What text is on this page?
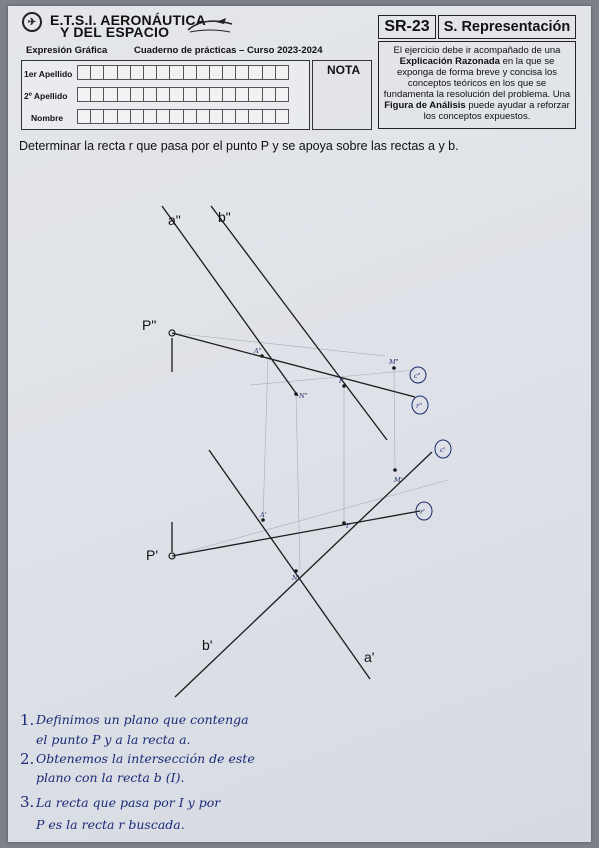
✈ E.T.S.I. AERONÁUTICA
Y DEL ESPACIO
Expresión Gráfica	Cuaderno de prácticas – Curso 2023-2024
1er Apellido
2º Apellido
Nombre
NOTA
SR-23 S. Representación
El ejercicio debe ir acompañado de una Explicación Razonada en la que se exponga de forma breve y concisa los conceptos teóricos en los que se fundamenta la resolución del problema. Una Figura de Análisis puede ayudar a reforzar los conceptos expuestos.
Determinar la recta r que pasa por el punto P y se apoya sobre las rectas a y b.
a"	b"
P"
P'
b'
a'
N"
I"
M"
c"
r"
A"
N'
I'
M'
c'
r'
A'
1. Definimos un plano que contenga
el punto P y a la recta a.
2. Obtenemos la intersección de este
plano con la recta b (I).
3. La recta que pasa por I y por
P es la recta r buscada.
